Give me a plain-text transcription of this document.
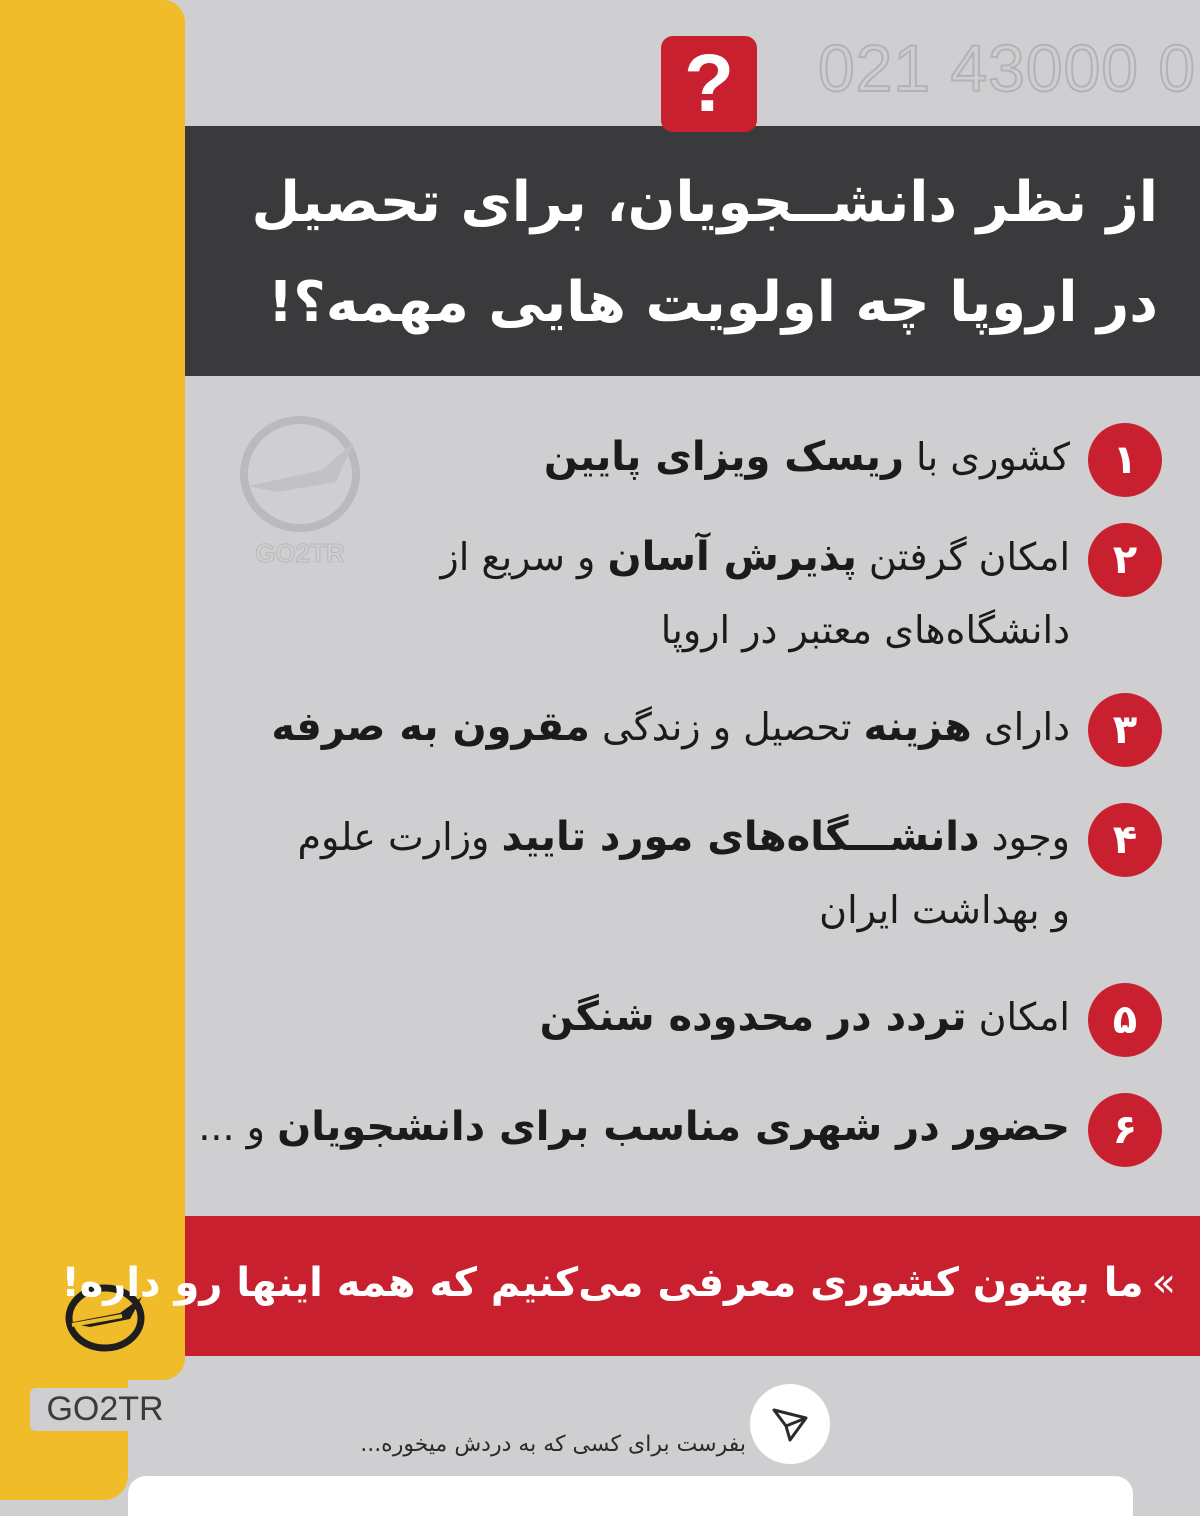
GO2TR
021 43000 0
?
از نظر دانشــجویان، برای تحصیل
در اروپا چه اولویت هایی مهمه؟!
GO2TR
۱
کشوری با ریسک ویزای پایین
۲
امکان گرفتن پذیرش آسان و سریع از
دانشگاه‌های معتبر در اروپا
۳
دارای هزینه تحصیل و زندگی مقرون به صرفه
۴
وجود دانشـــگاه‌های مورد تایید وزارت علوم
و بهداشت ایران
۵
امکان تردد در محدوده شنگن
۶
حضور در شهری مناسب برای دانشجویان و ...
»ما بهتون کشوری معرفی می‌کنیم که همه اینها رو داره!
بفرست برای کسی که به دردش میخوره...
